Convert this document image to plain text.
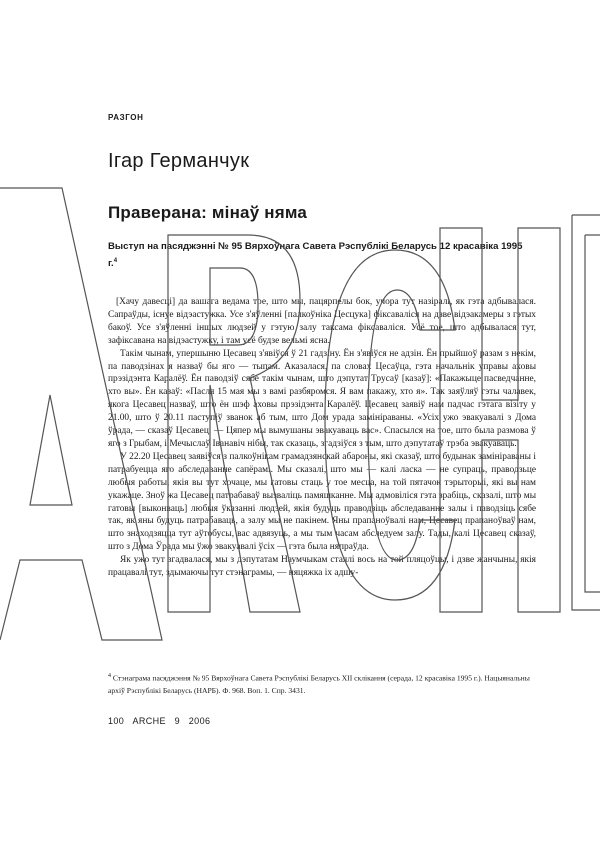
РАЗГОН
Ігар Германчук
Праверана: мінаў няма
Выступ на пасяджэнні № 95 Вярхоўнага Савета Рэспублікі Беларусь 12 красавіка 1995 г.$^4$

[Хачу давесці] да вашага ведама тое, што мы, пацярпелы бок, учора тут назіралі, як гэта адбывалася. Сапраўды, існуе відэастужка. Усе з'яўленні [палкоўніка Цесцука] фіксаваліся на дзве відэакамеры з гэтых бакоў. Усе з'яўленні іншых людзей у гэтую залу таксама фіксаваліся. Усё тое, што адбывалася тут, зафіксавана на відэастужку, і там усё будзе вельмі ясна.

Такім чынам, упершыню Цесавец з'явіўся ў 21 гадзіну. Ён з'явіўся не адзін. Ён прыйшоў разам з некім, па паводзінах я назваў бы яго — тыпам. Аказалася, па словах Цесаўца, гэта начальнік управы аховы прэзідэнта Каралёў. Ён паводзіў сябе такім чынам, што дэпутат Трусаў [казаў]: «Пакажыце пасведчанне, хто вы». Ён казаў: «Пасля 15 мая мы з вамі разбяромся. Я вам пакажу, хто я». Так заяўляў гэты чалавек, якога Цесавец назваў, што ён шэф аховы прэзідэнта Каралёў. Цесавец заявіў нам падчас гэтага візіту у 21.00, што ў 20.11 паступіў званок аб тым, што Дом урада замініраваны. «Усіх ужо эвакуавалі з Дома ўрада, — сказаў Цесавец. — Цяпер мы вымушаны эвакуаваць вас». Спасылся на тое, што была размова ў яго з Грыбам, і Мечыслаў Іванавіч нібы, так сказаць, згадзіўся з тым, што дэпутатаў трэба эвакуаваць.

У 22.20 Цесавец заявіўся з палкоўнікам грамадзянскай абароны, які сказаў, што будынак замініраваны і патрабуецца яго абследаванне сапёрамі. Мы сказалі, што мы — калі ласка — не супраць, праводзьце любыя работы, якія вы тут хочаце, мы гатовы стаць у тое месца, на той пятачок тэрыторыі, які вы нам укажаце. Зноў жа Цесавец патрабаваў вызваліць памяшканне. Мы адмовіліся гэта зрабіць, сказалі, што мы гатовы [выконваць] любыя ўказанні людзей, якія будуць праводзіць абследаванне залы і паводзіць сябе так, як яны будуць патрабаваць, а залу мы не пакінем. Яны прапаноўвалі нам, Цесавец прапаноўваў нам, што знаходзяцца тут аўтобусы, вас адвязуць, а мы тым часам абследуем залу. Тады, калі Цесавец сказаў, што з Дома Ўрада мы ўжо эвакуавалі ўсіх — гэта была няпраўда.

Як ужо тут згадвалася, мы з дэпутатам Наумчыкам стаялі вось на той пляцоўцы, і дзве жанчыны, якія працавалі тут, здымаючы тут стэнаграмы, — няцяжка іх адшу-

$^4$ Стэнаграма пасяджэння № 95 Вярхоўнага Савета Рэспублікі Беларусь XII склікання (серада, 12 красавіка 1995 г.). Нацыянальны архіў Рэспублікі Беларусь (НАРБ). Ф. 968. Воп. 1. Спр. 3431.

100 ARCHE 9 2006
